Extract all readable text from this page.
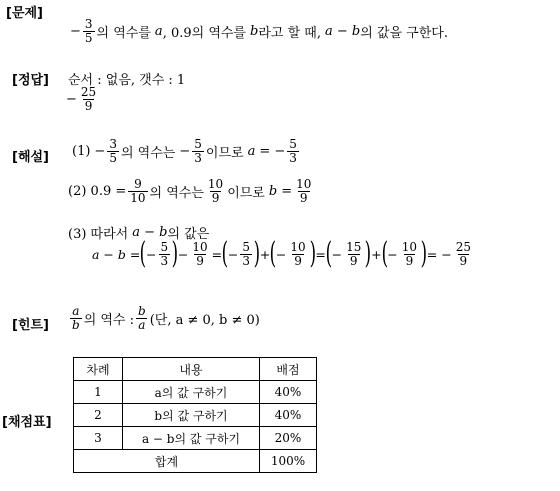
[문제]
− $\frac{3}{5}$ 의 역수를 a , 0.9의 역수를 b 라고 할 때, a − b 의 값을 구한다.
[정답] 순서 : 없음, 갯수 : 1
− $\frac{25}{9}$
[해설] $(1) - \frac{3}{5}$ 의 역수는 − $\frac{5}{3}$ 이므로 a = − $\frac{5}{3}$
(2) $0.9 = \frac{9}{10}$ 의 역수는 $\frac{10}{9}$ 이므로 $b = \frac{10}{9}$
(3) 따라서 a − b 의 값은
a − b = ( − $\frac{5}{3}$ ) − $\frac{10}{9}$ = ( − $\frac{5}{3}$ ) + ( − $\frac{10}{9}$ ) = ( − $\frac{15}{9}$ ) + ( − $\frac{10}{9}$ ) = − $\frac{25}{9}$
[힌트] $\frac{a}{b}$ 의 역수 : $\frac{b}{a}$ (단, a ≠ 0, b ≠ 0)
[채점표]
차례	내용	배점
1	a의 값 구하기	40%
2	b의 값 구하기	40%
3	a − b의 값 구하기	20%
합계		100%
